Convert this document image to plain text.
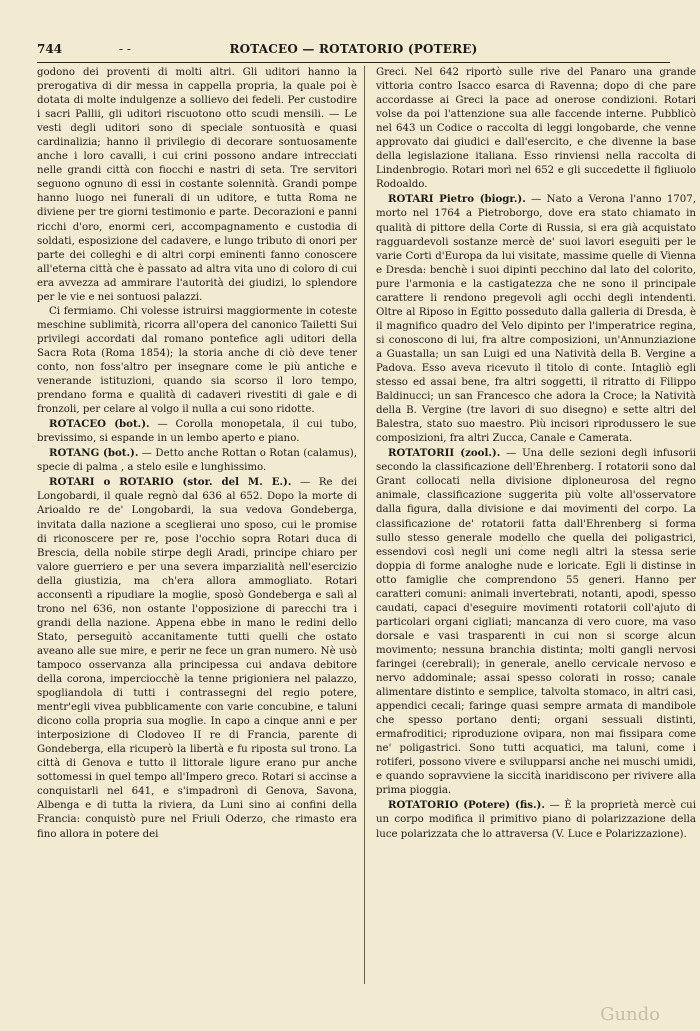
744	- -	ROTACEO — ROTATORIO (POTERE)

godono dei proventi di molti altri. Gli uditori hanno la prerogativa di dir messa in cappella propria, la quale poi è dotata di molte indulgenze a sollievo dei fedeli. Per custodire i sacri Pallii, gli uditori riscuotono otto scudi mensili. — Le vesti degli uditori sono di speciale sontuosità e quasi cardinalizia; hanno il privilegio di decorare sontuosamente anche i loro cavalli, i cui crini possono andare intrecciati nelle grandi città con fiocchi e nastri di seta. Tre servitori seguono ognuno di essi in costante solennità. Grandi pompe hanno luogo nei funerali di un uditore, e tutta Roma ne diviene per tre giorni testimonio e parte. Decorazioni e panni ricchi d'oro, enormi ceri, accompagnamento e custodia di soldati, esposizione del cadavere, e lungo tributo di onori per parte dei colleghi e di altri corpi eminenti fanno conoscere all'eterna città che è passato ad altra vita uno di coloro di cui era avvezza ad ammirare l'autorità dei giudizi, lo splendore per le vie e nei sontuosi palazzi.

Ci fermiamo. Chi volesse istruirsi maggiormente in coteste meschine sublimità, ricorra all'opera del canonico Tailetti Sui privilegi accordati dal romano pontefice agli uditori della Sacra Rota (Roma 1854); la storia anche di ciò deve tener conto, non foss'altro per insegnare come le più antiche e venerande istituzioni, quando sia scorso il loro tempo, prendano forma e qualità di cadaveri rivestiti di gale e di fronzoli, per celare al volgo il nulla a cui sono ridotte.

ROTACEO (bot.). — Corolla monopetala, il cui tubo, brevissimo, si espande in un lembo aperto e piano.

ROTANG (bot.). — Detto anche Rottan o Rotan (calamus), specie di palma , a stelo esile e lunghissimo.

ROTARI o ROTARIO (stor. del M. E.). — Re dei Longobardi, il quale regnò dal 636 al 652. Dopo la morte di Arioaldo re de' Longobardi, la sua vedova Gondeberga, invitata dalla nazione a sceglierai uno sposo, cui le promise di riconoscere per re, pose l'occhio sopra Rotari duca di Brescia, della nobile stirpe degli Aradi, principe chiaro per valore guerriero e per una severa imparzialità nell'esercizio della giustizia, ma ch'era allora ammogliato. Rotari acconsentì a ripudiare la moglie, sposò Gondeberga e salì al trono nel 636, non ostante l'opposizione di parecchi tra i grandi della nazione. Appena ebbe in mano le redini dello Stato, perseguitò accanitamente tutti quelli che ostato aveano alle sue mire, e perir ne fece un gran numero. Nè usò tampoco osservanza alla principessa cui andava debitore della corona, imperciocchè la tenne prigioniera nel palazzo, spogliandola di tutti i contrassegni del regio potere, mentr'egli vivea pubblicamente con varie concubine, e taluni dicono colla propria sua moglie. In capo a cinque anni e per interposizione di Clodoveo II re di Francia, parente di Gondeberga, ella ricuperò la libertà e fu riposta sul trono. La città di Genova e tutto il littorale ligure erano pur anche sottomessi in quel tempo all'Impero greco. Rotari si accinse a conquistarli nel 641, e s'impadronì di Genova, Savona, Albenga e di tutta la riviera, da Luni sino ai confini della Francia: conquistò pure nel Friuli Oderzo, che rimasto era fino allora in potere dei

Greci. Nel 642 riportò sulle rive del Panaro una grande vittoria contro Isacco esarca di Ravenna; dopo di che pare accordasse ai Greci la pace ad onerose condizioni. Rotari volse da poi l'attenzione sua alle faccende interne. Pubblicò nel 643 un Codice o raccolta di leggi longobarde, che venne approvato dai giudici e dall'esercito, e che divenne la base della legislazione italiana. Esso rinviensi nella raccolta di Lindenbrogio. Rotari morì nel 652 e gli succedette il figliuolo Rodoaldo.

ROTARI Pietro (biogr.). — Nato a Verona l'anno 1707, morto nel 1764 a Pietroborgo, dove era stato chiamato in qualità di pittore della Corte di Russia, si era già acquistato ragguardevoli sostanze mercè de' suoi lavori eseguiti per le varie Corti d'Europa da lui visitate, massime quelle di Vienna e Dresda: benchè i suoi dipinti pecchino dal lato del colorito, pure l'armonia e la castigatezza che ne sono il principale carattere li rendono pregevoli agli occhi degli intendenti. Oltre al Riposo in Egitto posseduto dalla galleria di Dresda, è il magnifico quadro del Velo dipinto per l'imperatrice regina, si conoscono di lui, fra altre composizioni, un'Annunziazione a Guastalla; un san Luigi ed una Natività della B. Vergine a Padova. Esso aveva ricevuto il titolo di conte. Intagliò egli stesso ed assai bene, fra altri soggetti, il ritratto di Filippo Baldinucci; un san Francesco che adora la Croce; la Natività della B. Vergine (tre lavori di suo disegno) e sette altri del Balestra, stato suo maestro. Più incisori riprodussero le sue composizioni, fra altri Zucca, Canale e Camerata.

ROTATORII (zool.). — Una delle sezioni degli infusorii secondo la classificazione dell'Ehrenberg. I rotatorii sono dal Grant collocati nella divisione diploneurosa del regno animale, classificazione suggerita più volte all'osservatore dalla figura, dalla divisione e dai movimenti del corpo. La classificazione de' rotatorii fatta dall'Ehrenberg si forma sullo stesso generale modello che quella dei poligastrici, essendovi così negli uni come negli altri la stessa serie doppia di forme analoghe nude e loricate. Egli li distinse in otto famiglie che comprendono 55 generi. Hanno per caratteri comuni: animali invertebrati, notanti, apodi, spesso caudati, capaci d'eseguire movimenti rotatorii coll'ajuto di particolari organi cigliati; mancanza di vero cuore, ma vaso dorsale e vasi trasparenti in cui non si scorge alcun movimento; nessuna branchia distinta; molti gangli nervosi faringei (cerebrali); in generale, anello cervicale nervoso e nervo addominale; assai spesso colorati in rosso; canale alimentare distinto e semplice, talvolta stomaco, in altri casi, appendici cecali; faringe quasi sempre armata di mandibole che spesso portano denti; organi sessuali distinti, ermafroditici; riproduzione ovipara, non mai fissipara come ne' poligastrici. Sono tutti acquatici, ma taluni, come i rotiferi, possono vivere e svilupparsi anche nei muschi umidi, e quando sopravviene la siccità inaridiscono per rivivere alla prima pioggia.

ROTATORIO (Potere) (fis.). — È la proprietà mercè cui un corpo modifica il primitivo piano di polarizzazione della luce polarizzata che lo attraversa (V. Luce e Polarizzazione).

Gundo
